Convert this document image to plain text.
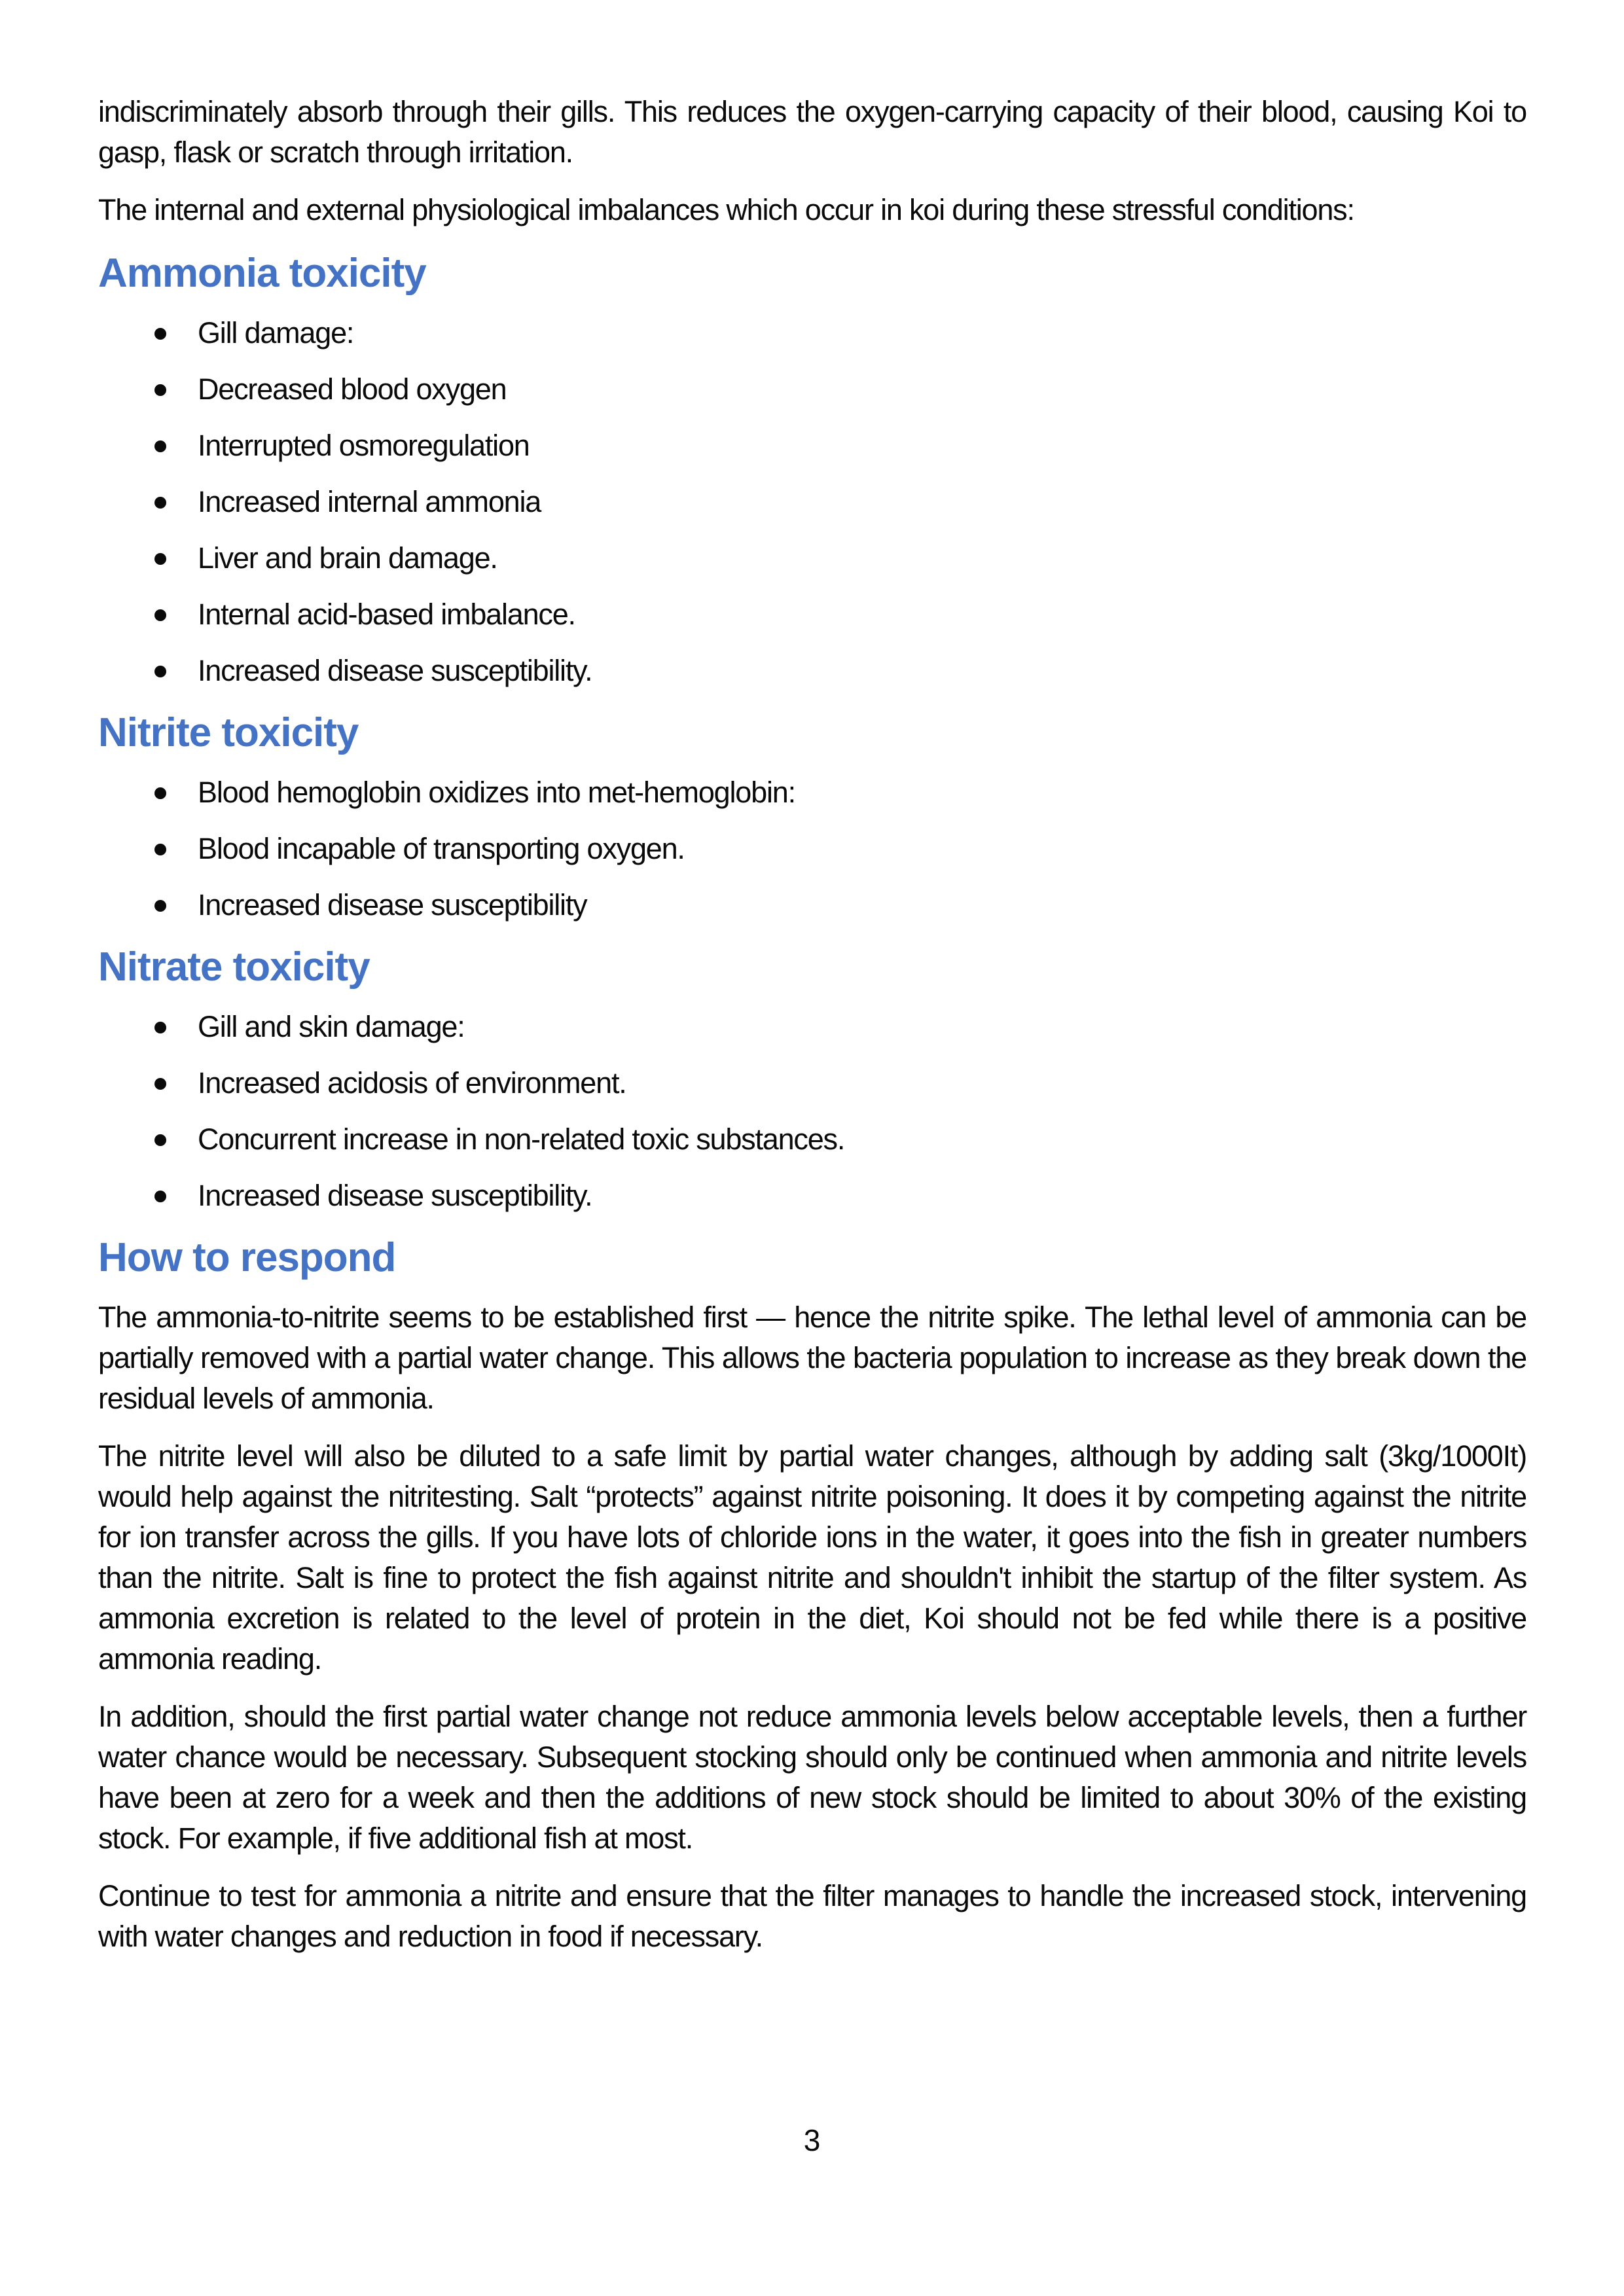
indiscriminately absorb through their gills. This reduces the oxygen-carrying capacity of their blood, causing Koi to gasp, flask or scratch through irritation.

The internal and external physiological imbalances which occur in koi during these stressful conditions:

Ammonia toxicity
Gill damage:
Decreased blood oxygen
Interrupted osmoregulation
Increased internal ammonia
Liver and brain damage.
Internal acid-based imbalance.
Increased disease susceptibility.
Nitrite toxicity
Blood hemoglobin oxidizes into met-hemoglobin:
Blood incapable of transporting oxygen.
Increased disease susceptibility
Nitrate toxicity
Gill and skin damage:
Increased acidosis of environment.
Concurrent increase in non-related toxic substances.
Increased disease susceptibility.
How to respond

The ammonia-to-nitrite seems to be established first — hence the nitrite spike. The lethal level of ammonia can be partially removed with a partial water change. This allows the bacteria population to increase as they break down the residual levels of ammonia.

The nitrite level will also be diluted to a safe limit by partial water changes, although by adding salt (3kg/1000It) would help against the nitritesting. Salt “protects” against nitrite poisoning. It does it by competing against the nitrite for ion transfer across the gills. If you have lots of chloride ions in the water, it goes into the fish in greater numbers than the nitrite. Salt is fine to protect the fish against nitrite and shouldn't inhibit the startup of the filter system. As ammonia excretion is related to the level of protein in the diet, Koi should not be fed while there is a positive ammonia reading.

In addition, should the first partial water change not reduce ammonia levels below acceptable levels, then a further water chance would be necessary. Subsequent stocking should only be continued when ammonia and nitrite levels have been at zero for a week and then the additions of new stock should be limited to about 30% of the existing stock. For example, if five additional fish at most.

Continue to test for ammonia a nitrite and ensure that the filter manages to handle the increased stock, intervening with water changes and reduction in food if necessary.

3
